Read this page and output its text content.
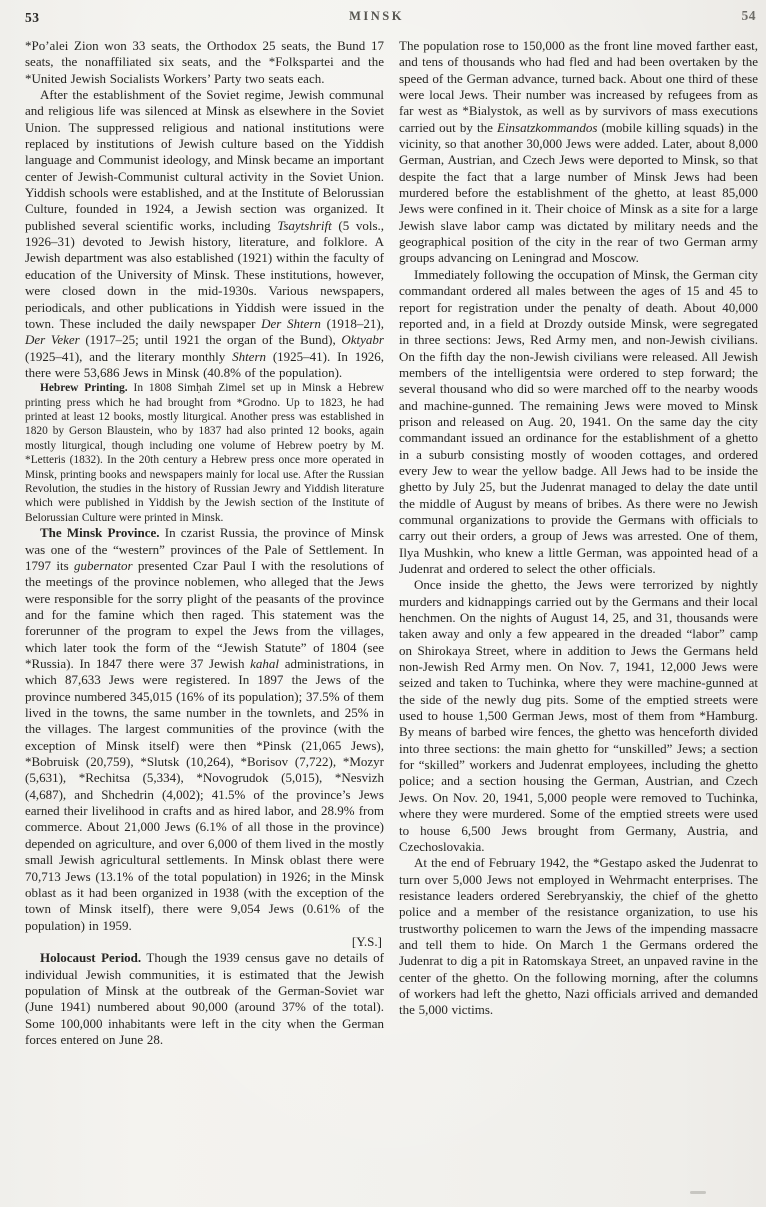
53	MINSK	54

*Po’alei Zion won 33 seats, the Orthodox 25 seats, the Bund 17 seats, the nonaffiliated six seats, and the *Folkspartei and the *United Jewish Socialists Workers’ Party two seats each.

After the establishment of the Soviet regime, Jewish communal and religious life was silenced at Minsk as elsewhere in the Soviet Union. The suppressed religious and national institutions were replaced by institutions of Jewish culture based on the Yiddish language and Communist ideology, and Minsk became an important center of Jewish-Communist cultural activity in the Soviet Union. Yiddish schools were established, and at the Institute of Belorussian Culture, founded in 1924, a Jewish section was organized. It published several scientific works, including Tsaytshrift (5 vols., 1926–31) devoted to Jewish history, literature, and folklore. A Jewish department was also established (1921) within the faculty of education of the University of Minsk. These institutions, however, were closed down in the mid-1930s. Various newspapers, periodicals, and other publications in Yiddish were issued in the town. These included the daily newspaper Der Shtern (1918–21), Der Veker (1917–25; until 1921 the organ of the Bund), Oktyabr (1925–41), and the literary monthly Shtern (1925–41). In 1926, there were 53,686 Jews in Minsk (40.8% of the population).

Hebrew Printing. In 1808 Simḥah Zimel set up in Minsk a Hebrew printing press which he had brought from *Grodno. Up to 1823, he had printed at least 12 books, mostly liturgical. Another press was established in 1820 by Gerson Blaustein, who by 1837 had also printed 12 books, again mostly liturgical, though including one volume of Hebrew poetry by M. *Letteris (1832). In the 20th century a Hebrew press once more operated in Minsk, printing books and newspapers mainly for local use. After the Russian Revolution, the studies in the history of Russian Jewry and Yiddish literature which were published in Yiddish by the Jewish section of the Institute of Belorussian Culture were printed in Minsk.

The Minsk Province. In czarist Russia, the province of Minsk was one of the “western” provinces of the Pale of Settlement. In 1797 its gubernator presented Czar Paul I with the resolutions of the meetings of the province noblemen, who alleged that the Jews were responsible for the sorry plight of the peasants of the province and for the famine which then raged. This statement was the forerunner of the program to expel the Jews from the villages, which later took the form of the “Jewish Statute” of 1804 (see *Russia). In 1847 there were 37 Jewish kahal administrations, in which 87,633 Jews were registered. In 1897 the Jews of the province numbered 345,015 (16% of its population); 37.5% of them lived in the towns, the same number in the townlets, and 25% in the villages. The largest communities of the province (with the exception of Minsk itself) were then *Pinsk (21,065 Jews), *Bobruisk (20,759), *Slutsk (10,264), *Borisov (7,722), *Mozyr (5,631), *Rechitsa (5,334), *Novogrudok (5,015), *Nesvizh (4,687), and Shchedrin (4,002); 41.5% of the province’s Jews earned their livelihood in crafts and as hired labor, and 28.9% from commerce. About 21,000 Jews (6.1% of all those in the province) depended on agriculture, and over 6,000 of them lived in the mostly small Jewish agricultural settlements. In Minsk oblast there were 70,713 Jews (13.1% of the total population) in 1926; in the Minsk oblast as it had been organized in 1938 (with the exception of the town of Minsk itself), there were 9,054 Jews (0.61% of the population) in 1959.

[Y.S.]

Holocaust Period. Though the 1939 census gave no details of individual Jewish communities, it is estimated that the Jewish population of Minsk at the outbreak of the German-Soviet war (June 1941) numbered about 90,000 (around 37% of the total). Some 100,000 inhabitants were left in the city when the German forces entered on June 28.

The population rose to 150,000 as the front line moved farther east, and tens of thousands who had fled and had been overtaken by the speed of the German advance, turned back. About one third of these were local Jews. Their number was increased by refugees from as far west as *Bialystok, as well as by survivors of mass executions carried out by the Einsatzkommandos (mobile killing squads) in the vicinity, so that another 30,000 Jews were added. Later, about 8,000 German, Austrian, and Czech Jews were deported to Minsk, so that despite the fact that a large number of Minsk Jews had been murdered before the establishment of the ghetto, at least 85,000 Jews were confined in it. Their choice of Minsk as a site for a large Jewish slave labor camp was dictated by military needs and the geographical position of the city in the rear of two German army groups advancing on Leningrad and Moscow.

Immediately following the occupation of Minsk, the German city commandant ordered all males between the ages of 15 and 45 to report for registration under the penalty of death. About 40,000 reported and, in a field at Drozdy outside Minsk, were segregated in three sections: Jews, Red Army men, and non-Jewish civilians. On the fifth day the non-Jewish civilians were released. All Jewish members of the intelligentsia were ordered to step forward; the several thousand who did so were marched off to the nearby woods and machine-gunned. The remaining Jews were moved to Minsk prison and released on Aug. 20, 1941. On the same day the city commandant issued an ordinance for the establishment of a ghetto in a suburb consisting mostly of wooden cottages, and ordered every Jew to wear the yellow badge. All Jews had to be inside the ghetto by July 25, but the Judenrat managed to delay the date until the middle of August by means of bribes. As there were no Jewish communal organizations to provide the Germans with officials to carry out their orders, a group of Jews was arrested. One of them, Ilya Mushkin, who knew a little German, was appointed head of a Judenrat and ordered to select the other officials.

Once inside the ghetto, the Jews were terrorized by nightly murders and kidnappings carried out by the Germans and their local henchmen. On the nights of August 14, 25, and 31, thousands were taken away and only a few appeared in the dreaded “labor” camp on Shirokaya Street, where in addition to Jews the Germans held non-Jewish Red Army men. On Nov. 7, 1941, 12,000 Jews were seized and taken to Tuchinka, where they were machine-gunned at the side of the newly dug pits. Some of the emptied streets were used to house 1,500 German Jews, most of them from *Hamburg. By means of barbed wire fences, the ghetto was henceforth divided into three sections: the main ghetto for “unskilled” Jews; a section for “skilled” workers and Judenrat employees, including the ghetto police; and a section housing the German, Austrian, and Czech Jews. On Nov. 20, 1941, 5,000 people were removed to Tuchinka, where they were murdered. Some of the emptied streets were used to house 6,500 Jews brought from Germany, Austria, and Czechoslovakia.

At the end of February 1942, the *Gestapo asked the Judenrat to turn over 5,000 Jews not employed in Wehrmacht enterprises. The resistance leaders ordered Serebryanskiy, the chief of the ghetto police and a member of the resistance organization, to use his trustworthy policemen to warn the Jews of the impending massacre and tell them to hide. On March 1 the Germans ordered the Judenrat to dig a pit in Ratomskaya Street, an unpaved ravine in the center of the ghetto. On the following morning, after the columns of workers had left the ghetto, Nazi officials arrived and demanded the 5,000 victims.
